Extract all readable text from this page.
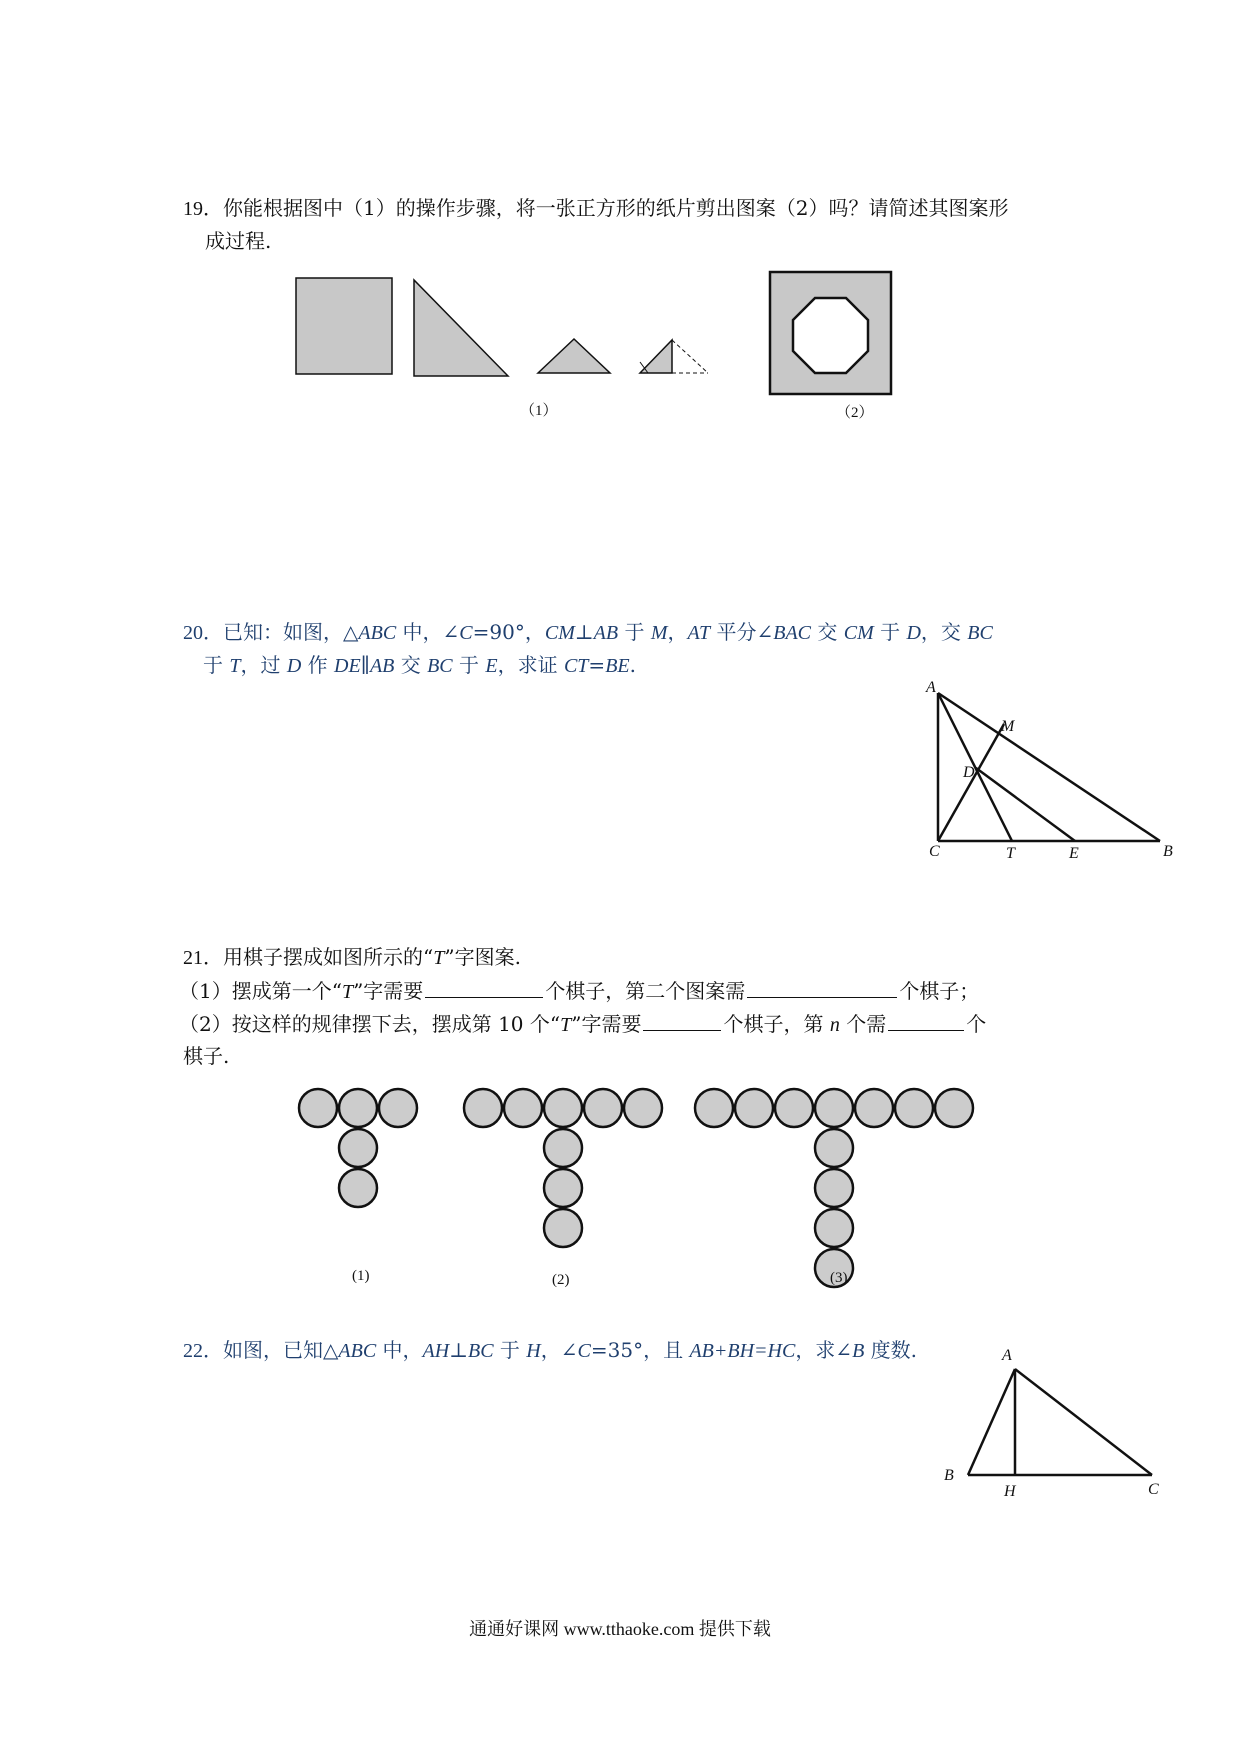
19．你能根据图中（1）的操作步骤，将一张正方形的纸片剪出图案（2）吗？请简述其图案形
成过程.
（1）	（2）
20．已知：如图，△ABC 中，∠C=90°，CM⊥AB 于 M，AT 平分∠BAC 交 CM 于 D，交 BC
于 T，过 D 作 DE∥AB 交 BC 于 E，求证 CT=BE.
A
M
D
C	T	E	B
21．用棋子摆成如图所示的“T”字图案.
（1）摆成第一个“T”字需要	个棋子，第二个图案需	个棋子；
（2）按这样的规律摆下去，摆成第 10 个“T”字需要	个棋子，第 n 个需	个
棋子.
(1)	(2)	(3)
22．如图，已知△ABC 中，AH⊥BC 于 H，∠C=35°，且 AB+BH=HC，求∠B 度数.	A
B
H	C
通通好课网 www.tthaoke.com 提供下载
